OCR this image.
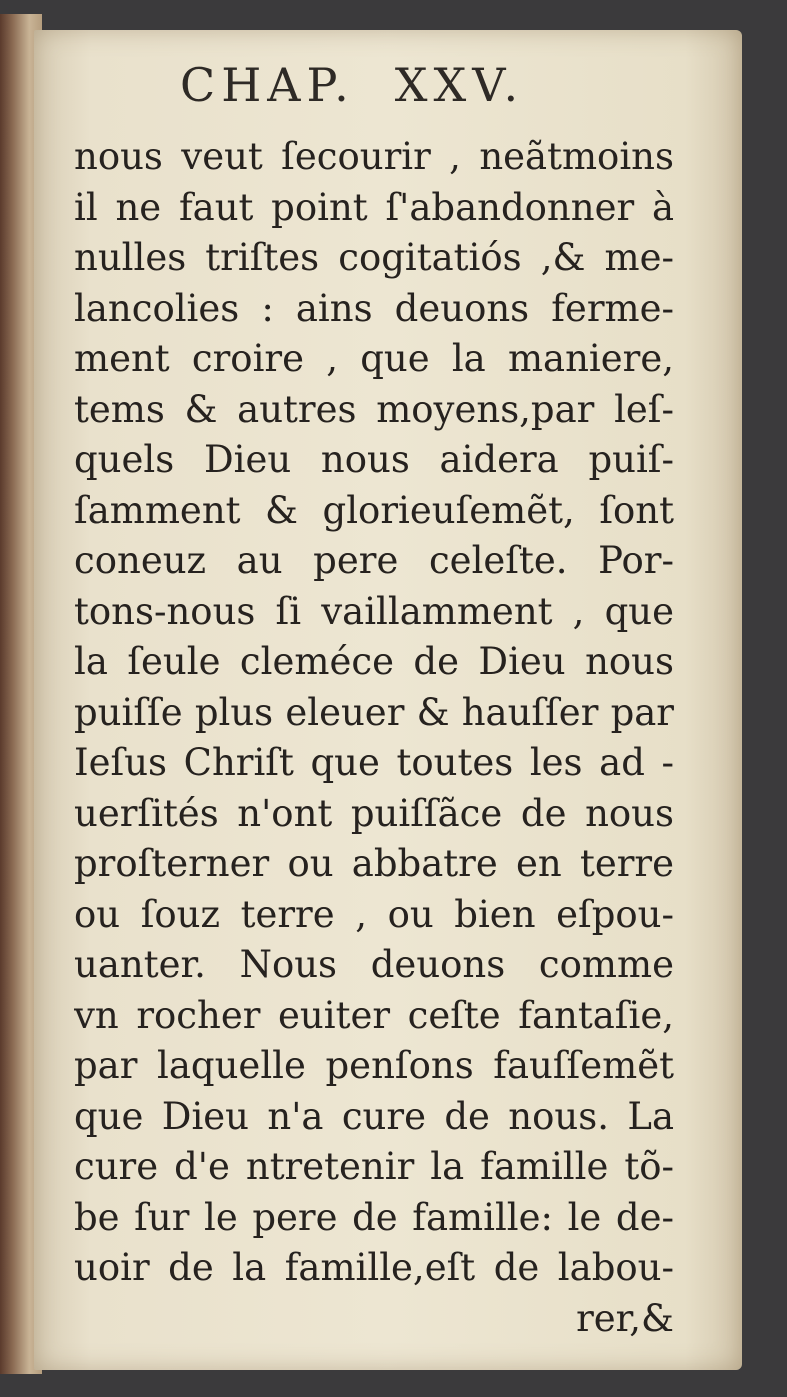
CHAP. XXV.
nous veut ſecourir , neãtmoins
il ne faut point ſ'abandonner à
nulles triſtes cogitatiós ,& me-
lancolies : ains deuons ferme-
ment croire , que la maniere,
tems & autres moyens,par leſ-
quels Dieu nous aidera puiſ-
ſamment & glorieuſemẽt, ſont
coneuz au pere celeſte. Por-
tons-nous ſi vaillamment , que
la ſeule cleméce de Dieu nous
puiſſe plus eleuer & hauſſer par
Ieſus Chriſt que toutes les ad -
uerſités n'ont puiſſãce de nous
proſterner ou abbatre en terre
ou ſouz terre , ou bien eſpou-
uanter. Nous deuons comme
vn rocher euiter ceſte fantaſie,
par laquelle penſons fauſſemẽt
que Dieu n'a cure de nous. La
cure d'e ntretenir la famille tõ-
be ſur le pere de famille: le de-
uoir de la famille,eſt de labou-
rer,&
